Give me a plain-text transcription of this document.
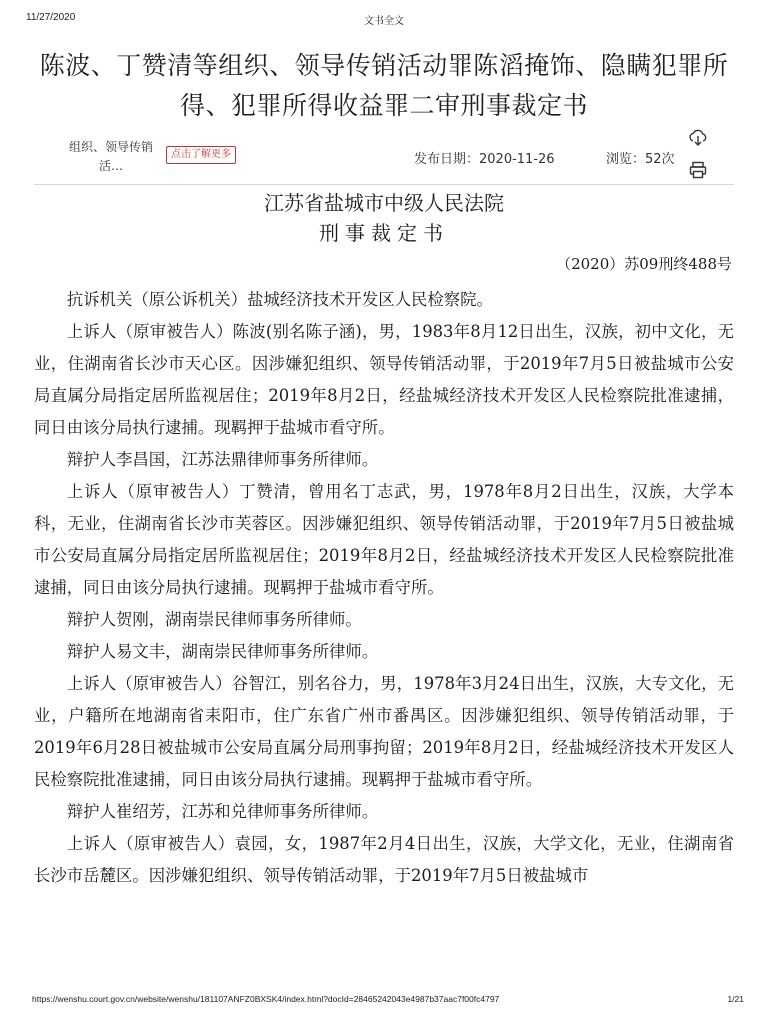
11/27/2020	文书全文
陈波、丁赞清等组织、领导传销活动罪陈滔掩饰、隐瞒犯罪所得、犯罪所得收益罪二审刑事裁定书
组织、领导传销活…
点击了解更多	发布日期：2020-11-26	浏览：52次
江苏省盐城市中级人民法院
刑事裁定书
（2020）苏09刑终488号

抗诉机关（原公诉机关）盐城经济技术开发区人民检察院。

上诉人（原审被告人）陈波(别名陈子涵)，男，1983年8月12日出生，汉族，初中文化，无业，住湖南省长沙市天心区。因涉嫌犯组织、领导传销活动罪，于2019年7月5日被盐城市公安局直属分局指定居所监视居住；2019年8月2日，经盐城经济技术开发区人民检察院批准逮捕，同日由该分局执行逮捕。现羁押于盐城市看守所。

辩护人李昌国，江苏法鼎律师事务所律师。

上诉人（原审被告人）丁赞清，曾用名丁志武，男，1978年8月2日出生，汉族，大学本科，无业，住湖南省长沙市芙蓉区。因涉嫌犯组织、领导传销活动罪，于2019年7月5日被盐城市公安局直属分局指定居所监视居住；2019年8月2日，经盐城经济技术开发区人民检察院批准逮捕，同日由该分局执行逮捕。现羁押于盐城市看守所。

辩护人贺刚，湖南崇民律师事务所律师。

辩护人易文丰，湖南崇民律师事务所律师。

上诉人（原审被告人）谷智江，别名谷力，男，1978年3月24日出生，汉族，大专文化，无业，户籍所在地湖南省耒阳市，住广东省广州市番禺区。因涉嫌犯组织、领导传销活动罪，于2019年6月28日被盐城市公安局直属分局刑事拘留；2019年8月2日，经盐城经济技术开发区人民检察院批准逮捕，同日由该分局执行逮捕。现羁押于盐城市看守所。

辩护人崔绍芳，江苏和兑律师事务所律师。

上诉人（原审被告人）袁园，女，1987年2月4日出生，汉族，大学文化，无业，住湖南省长沙市岳麓区。因涉嫌犯组织、领导传销活动罪，于2019年7月5日被盐城市

https://wenshu.court.gov.cn/website/wenshu/181107ANFZ0BXSK4/index.html?docId=28465242043e4987b37aac7f00fc4797	1/21
